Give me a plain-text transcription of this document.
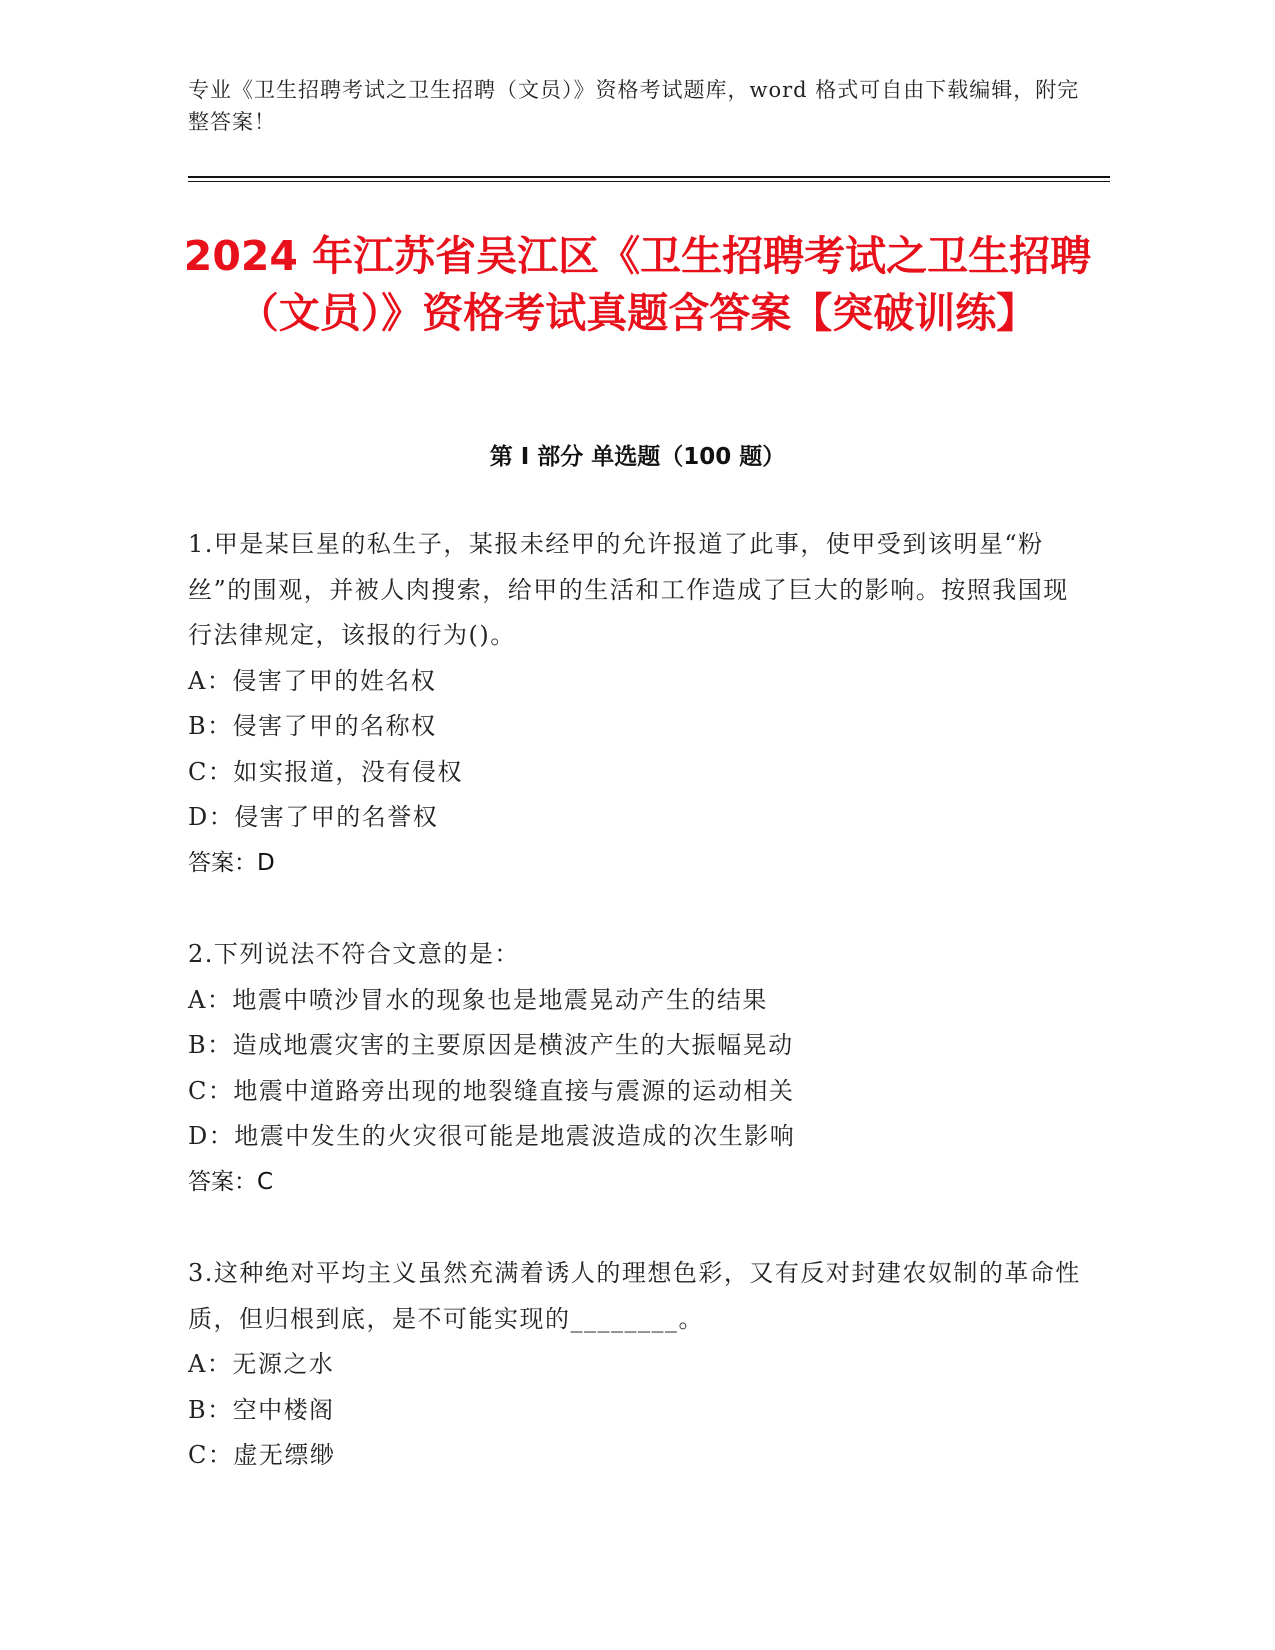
专业《卫生招聘考试之卫生招聘（文员）》资格考试题库，word 格式可自由下载编辑，附完整答案！
2024 年江苏省吴江区《卫生招聘考试之卫生招聘（文员）》资格考试真题含答案【突破训练】
第 I 部分 单选题（100 题）

1.甲是某巨星的私生子，某报未经甲的允许报道了此事，使甲受到该明星“粉丝”的围观，并被人肉搜索，给甲的生活和工作造成了巨大的影响。按照我国现行法律规定，该报的行为()。

A：侵害了甲的姓名权

B：侵害了甲的名称权

C：如实报道，没有侵权

D：侵害了甲的名誉权

答案：D

2.下列说法不符合文意的是：

A：地震中喷沙冒水的现象也是地震晃动产生的结果

B：造成地震灾害的主要原因是横波产生的大振幅晃动

C：地震中道路旁出现的地裂缝直接与震源的运动相关

D：地震中发生的火灾很可能是地震波造成的次生影响

答案：C

3.这种绝对平均主义虽然充满着诱人的理想色彩，又有反对封建农奴制的革命性质，但归根到底，是不可能实现的________。

A：无源之水

B：空中楼阁

C：虚无缥缈
